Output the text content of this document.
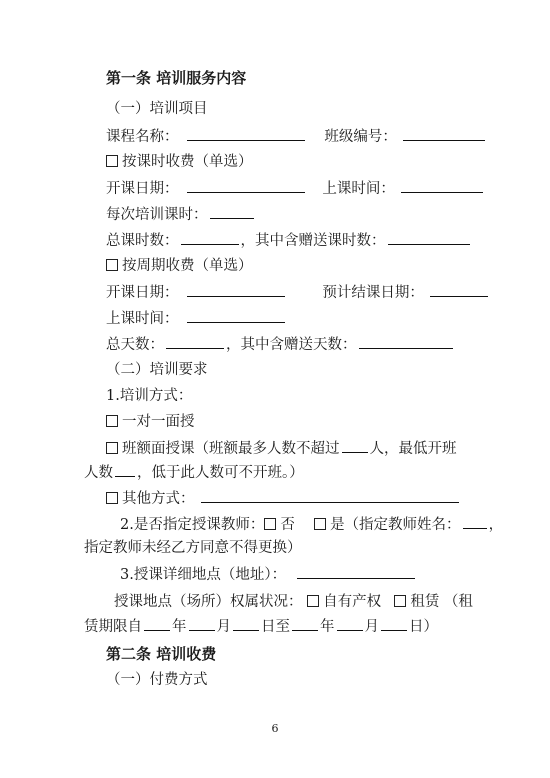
第一条 培训服务内容
（一）培训项目
课程名称：	班级编号：
按课时收费（单选）
开课日期：	上课时间：
每次培训课时：
总课时数：	，其中含赠送课时数：
按周期收费（单选）
开课日期：	预计结课日期：
上课时间：
总天数：	，其中含赠送天数：
（二）培训要求
1.培训方式：
一对一面授
班额面授课（班额最多人数不超过 人，最低开班
人数 ，低于此人数可不开班。）
其他方式：
2.是否指定授课教师： 否 是（指定教师姓名： ，
指定教师未经乙方同意不得更换）
3.授课详细地点（地址）：
授课地点（场所）权属状况： 自有产权 租赁 （租
赁期限自 年 月 日至 年 月 日）
第二条 培训收费
（一）付费方式
6
